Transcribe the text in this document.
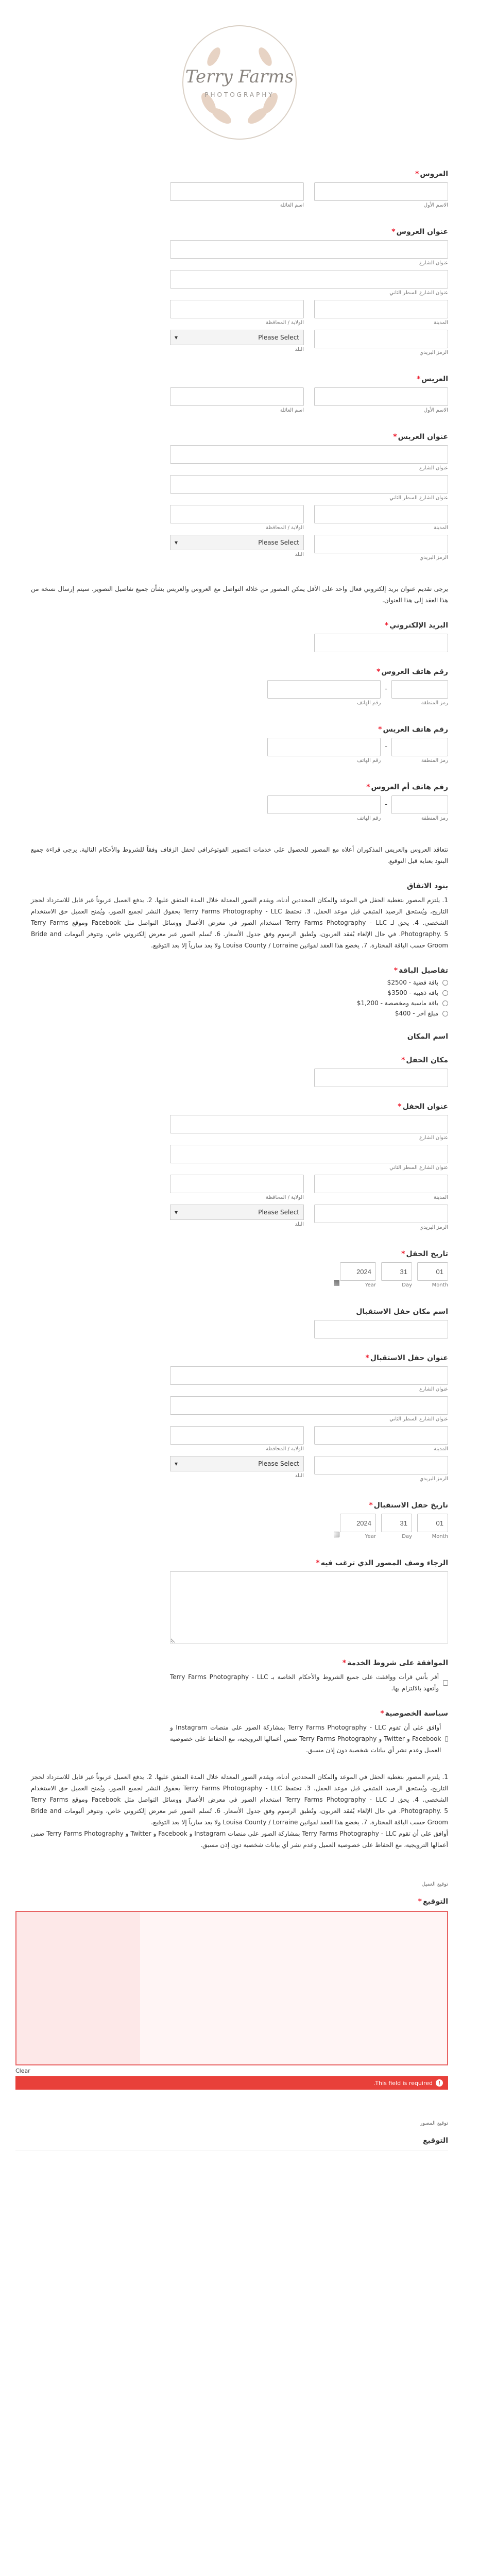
Terry Farms
PHOTOGRAPHY
العروس*
الاسم الأول
اسم العائلة
عنوان العروس*
عنوان الشارع
عنوان الشارع السطر الثاني
المدينة
الولاية / المحافظة
الرمز البريدي
Please Select
▾
البلد
العريس*
الاسم الأول
اسم العائلة
عنوان العريس*
عنوان الشارع
عنوان الشارع السطر الثاني
المدينة
الولاية / المحافظة
الرمز البريدي
Please Select
▾
البلد

يرجى تقديم عنوان بريد إلكتروني فعال واحد على الأقل يمكن المصور من خلاله التواصل مع العروس والعريس بشأن جميع تفاصيل التصوير. سيتم إرسال نسخة من هذا العقد إلى هذا العنوان.

البريد الإلكتروني*
رقم هاتف العروس*
رمز المنطقة
-
رقم الهاتف
رقم هاتف العريس*
رمز المنطقة
-
رقم الهاتف
رقم هاتف أم العروس*
رمز المنطقة
-
رقم الهاتف

تتعاقد العروس والعريس المذكوران أعلاه مع المصور للحصول على خدمات التصوير الفوتوغرافي لحفل الزفاف وفقاً للشروط والأحكام التالية. يرجى قراءة جميع البنود بعناية قبل التوقيع.

بنود الاتفاق

1. يلتزم المصور بتغطية الحفل في الموعد والمكان المحددين أدناه، ويقدم الصور المعدلة خلال المدة المتفق عليها. 2. يدفع العميل عربوناً غير قابل للاسترداد لحجز التاريخ، ويُستحق الرصيد المتبقي قبل موعد الحفل. 3. تحتفظ Terry Farms Photography - LLC بحقوق النشر لجميع الصور، ويُمنح العميل حق الاستخدام الشخصي. 4. يحق لـ Terry Farms Photography - LLC استخدام الصور في معرض الأعمال ووسائل التواصل مثل Facebook وموقع Terry Farms Photography. 5. في حال الإلغاء يُفقد العربون، وتُطبق الرسوم وفق جدول الأسعار. 6. تُسلم الصور عبر معرض إلكتروني خاص، وتتوفر ألبومات Bride and Groom حسب الباقة المختارة. 7. يخضع هذا العقد لقوانين Louisa County / Lorraine ولا يعد سارياً إلا بعد التوقيع.

تفاصيل الباقة*
باقة فضية - 2500$
باقة ذهبية - 3500$
باقة ماسية ومخصصة - 1,200$
مبلغ آخر - 400$
اسم المكان
مكان الحفل*
عنوان الحفل*
عنوان الشارع
عنوان الشارع السطر الثاني
المدينة
الولاية / المحافظة
الرمز البريدي
Please Select
▾
البلد
تاريخ الحفل*
01
Month
31
Day
2024
Year
▦
اسم مكان حفل الاستقبال
عنوان حفل الاستقبال*
عنوان الشارع
عنوان الشارع السطر الثاني
المدينة
الولاية / المحافظة
الرمز البريدي
Please Select
▾
البلد
تاريخ حفل الاستقبال*
01
Month
31
Day
2024
Year
▦
الرجاء وصف المصور الذي ترغب فيه*
الموافقة على شروط الخدمة*
أقر بأنني قرأت ووافقت على جميع الشروط والأحكام الخاصة بـ Terry Farms Photography - LLC وأتعهد بالالتزام بها.
سياسة الخصوصية*
أوافق على أن تقوم Terry Farms Photography - LLC بمشاركة الصور على منصات Instagram و Facebook و Twitter و Terry Farms Photography ضمن أعمالها الترويجية، مع الحفاظ على خصوصية العميل وعدم نشر أي بيانات شخصية دون إذن مسبق.

1. يلتزم المصور بتغطية الحفل في الموعد والمكان المحددين أدناه، ويقدم الصور المعدلة خلال المدة المتفق عليها. 2. يدفع العميل عربوناً غير قابل للاسترداد لحجز التاريخ، ويُستحق الرصيد المتبقي قبل موعد الحفل. 3. تحتفظ Terry Farms Photography - LLC بحقوق النشر لجميع الصور، ويُمنح العميل حق الاستخدام الشخصي. 4. يحق لـ Terry Farms Photography - LLC استخدام الصور في معرض الأعمال ووسائل التواصل مثل Facebook وموقع Terry Farms Photography. 5. في حال الإلغاء يُفقد العربون، وتُطبق الرسوم وفق جدول الأسعار. 6. تُسلم الصور عبر معرض إلكتروني خاص، وتتوفر ألبومات Bride and Groom حسب الباقة المختارة. 7. يخضع هذا العقد لقوانين Louisa County / Lorraine ولا يعد سارياً إلا بعد التوقيع.

أوافق على أن تقوم Terry Farms Photography - LLC بمشاركة الصور على منصات Instagram و Facebook و Twitter و Terry Farms Photography ضمن أعمالها الترويجية، مع الحفاظ على خصوصية العميل وعدم نشر أي بيانات شخصية دون إذن مسبق.

توقيع العميل
التوقيع*
Clear
!
This field is required.
توقيع المصور
التوقيع
